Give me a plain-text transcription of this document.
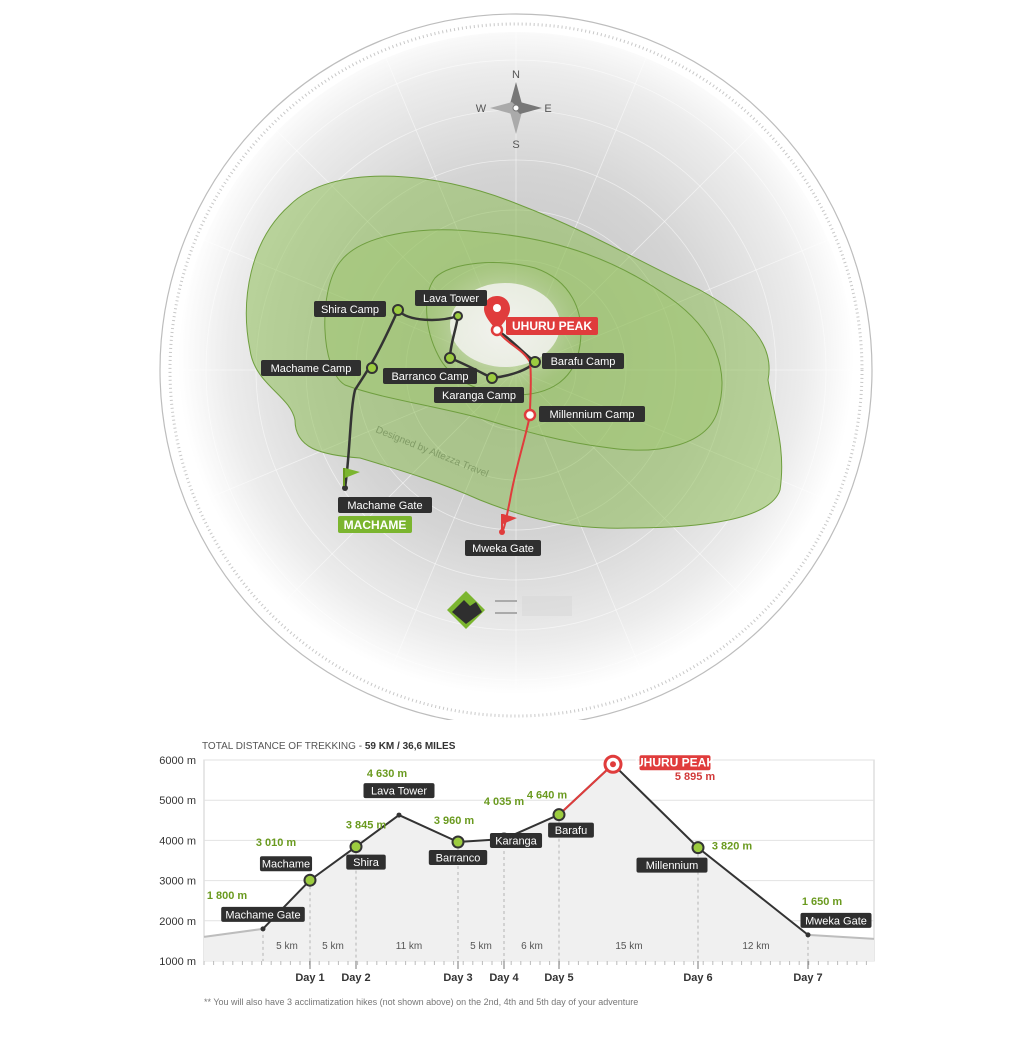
N
S
E
W
Designed by Altezza Travel
Shira Camp
Lava Tower
UHURU PEAK
Machame Camp
Barafu Camp
Barranco Camp
Karanga Camp
Millennium Camp
Machame Gate
MACHAME
Mweka Gate
TOTAL DISTANCE OF TREKKING - 59 KM / 36,6 MILES
6000 m
5000 m
4000 m
3000 m
2000 m
1000 m
5 km 5 km	11 km	5 km	6 km	15 km	12 km
Day 1 Day 2	Day 3 Day 4 Day 5	Day 6	Day 7
Machame Gate
1 800 m
Machame
3 010 m
Shira
3 845 m
Lava Tower
4 630 m
Barranco
3 960 m
Karanga
4 035 m
Barafu
4 640 m
UHURU PEAK
5 895 m
Millennium
3 820 m
Mweka Gate
1 650 m
** You will also have 3 acclimatization hikes (not shown above) on the 2nd, 4th and 5th day of your adventure
